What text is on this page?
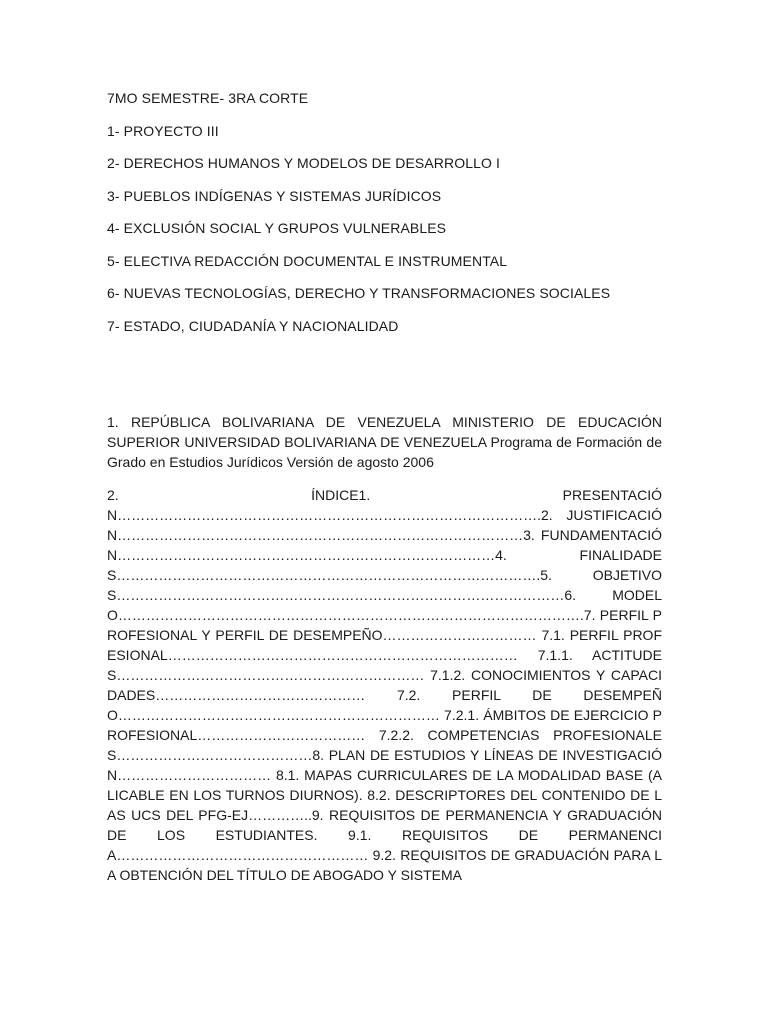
7MO SEMESTRE- 3RA CORTE
1- PROYECTO III
2- DERECHOS HUMANOS Y MODELOS DE DESARROLLO I
3- PUEBLOS INDÍGENAS Y SISTEMAS JURÍDICOS
4- EXCLUSIÓN SOCIAL Y GRUPOS VULNERABLES
5- ELECTIVA REDACCIÓN DOCUMENTAL E INSTRUMENTAL
6- NUEVAS TECNOLOGÍAS, DERECHO Y TRANSFORMACIONES SOCIALES
7- ESTADO, CIUDADANÍA Y NACIONALIDAD

1. REPÚBLICA BOLIVARIANA DE VENEZUELA MINISTERIO DE EDUCACIÓN SUPERIOR UNIVERSIDAD BOLIVARIANA DE VENEZUELA Programa de Formación de Grado en Estudios Jurídicos Versión de agosto 2006

2. ÍNDICE1. PRESENTACIÓN……………………………………………………………………………….2. JUSTIFICACIÓN……………………………………………………………………………3. FUNDAMENTACIÓN………………………………………………………………………4. FINALIDADES……………………………………………………………………………….5. OBJETIVOS……………………………………………………………………………………6. MODELO……………………………………………………………………………………….7. PERFIL PROFESIONAL Y PERFIL DE DESEMPEÑO…………………………… 7.1. PERFIL PROFESIONAL………………………………………………………………… 7.1.1. ACTITUDES………………………………………………………… 7.1.2. CONOCIMIENTOS Y CAPACIDADES……………………………………… 7.2. PERFIL DE DESEMPEÑO…………………………………………………………… 7.2.1. ÁMBITOS DE EJERCICIO PROFESIONAL……………………………… 7.2.2. COMPETENCIAS PROFESIONALES……………………………………8. PLAN DE ESTUDIOS Y LÍNEAS DE INVESTIGACIÓN…………………………… 8.1. MAPAS CURRICULARES DE LA MODALIDAD BASE (ALICABLE EN LOS TURNOS DIURNOS). 8.2. DESCRIPTORES DEL CONTENIDO DE LAS UCS DEL PFG-EJ…………..9. REQUISITOS DE PERMANENCIA Y GRADUACIÓN DE LOS ESTUDIANTES. 9.1. REQUISITOS DE PERMANENCIA……………………………………………… 9.2. REQUISITOS DE GRADUACIÓN PARA LA OBTENCIÓN DEL TÍTULO DE ABOGADO Y SISTEMA
